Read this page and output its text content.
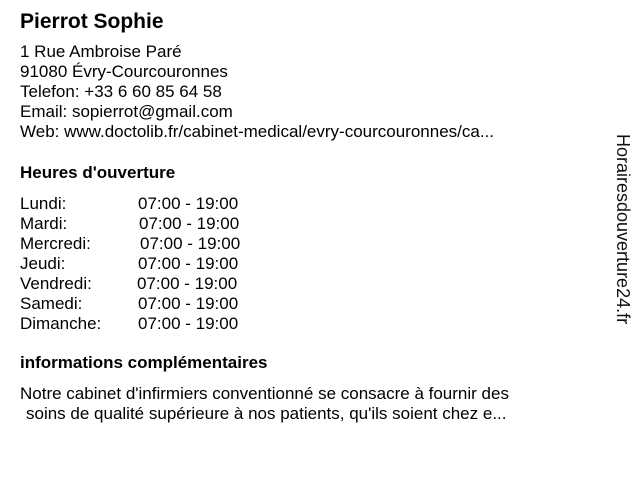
Pierrot Sophie
1 Rue Ambroise Paré
91080 Évry-Courcouronnes
Telefon: +33 6 60 85 64 58
Email: sopierrot@gmail.com
Web: www.doctolib.fr/cabinet-medical/evry-courcouronnes/ca...
Heures d'ouverture
Lundi:	07:00 - 19:00
Mardi:	07:00 - 19:00
Mercredi:	07:00 - 19:00
Jeudi:	07:00 - 19:00
Vendredi:	07:00 - 19:00
Samedi:	07:00 - 19:00
Dimanche:	07:00 - 19:00
informations complémentaires
Notre cabinet d'infirmiers conventionné se consacre à fournir des
soins de qualité supérieure à nos patients, qu'ils soient chez e...
Horairesdouverture24.fr
